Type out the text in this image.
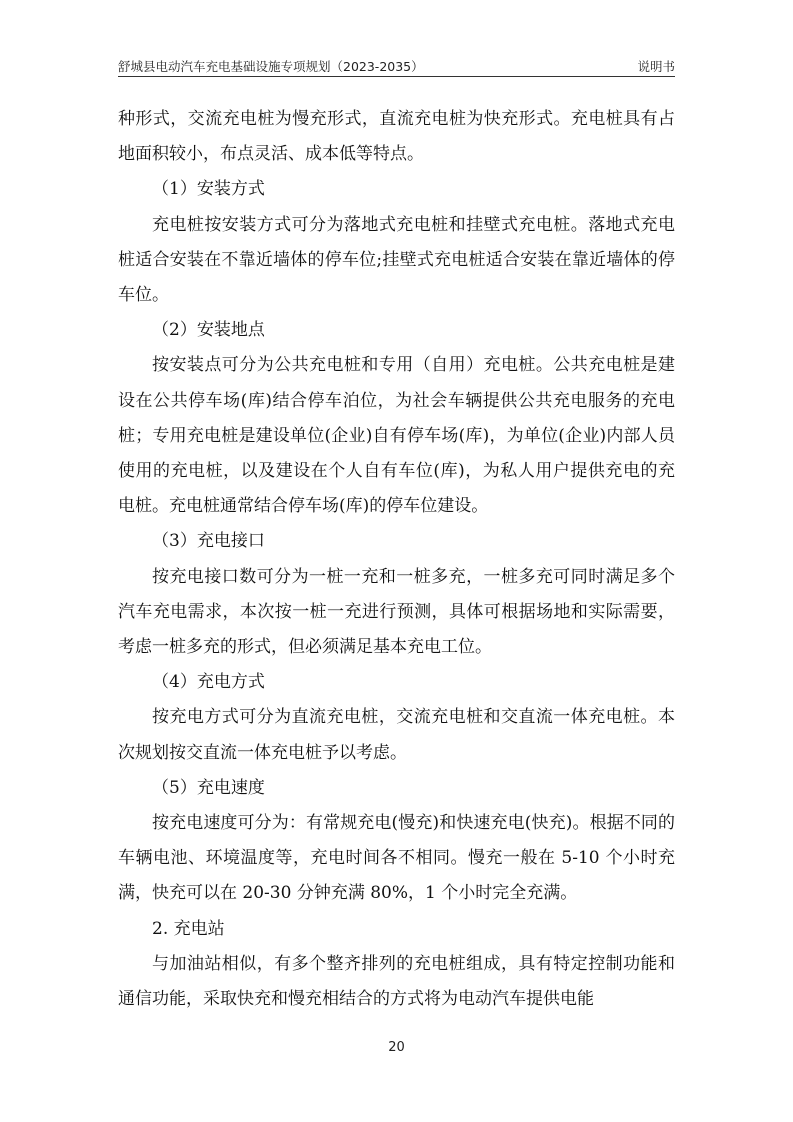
舒城县电动汽车充电基础设施专项规划（2023-2035）	说明书

种形式，交流充电桩为慢充形式，直流充电桩为快充形式。充电桩具有占地面积较小，布点灵活、成本低等特点。

（1）安装方式

充电桩按安装方式可分为落地式充电桩和挂壁式充电桩。落地式充电桩适合安装在不靠近墙体的停车位;挂壁式充电桩适合安装在靠近墙体的停车位。

（2）安装地点

按安装点可分为公共充电桩和专用（自用）充电桩。公共充电桩是建设在公共停车场(库)结合停车泊位，为社会车辆提供公共充电服务的充电桩；专用充电桩是建设单位(企业)自有停车场(库)，为单位(企业)内部人员使用的充电桩，以及建设在个人自有车位(库)，为私人用户提供充电的充电桩。充电桩通常结合停车场(库)的停车位建设。

（3）充电接口

按充电接口数可分为一桩一充和一桩多充，一桩多充可同时满足多个汽车充电需求，本次按一桩一充进行预测，具体可根据场地和实际需要，考虑一桩多充的形式，但必须满足基本充电工位。

（4）充电方式

按充电方式可分为直流充电桩，交流充电桩和交直流一体充电桩。本次规划按交直流一体充电桩予以考虑。

（5）充电速度

按充电速度可分为：有常规充电(慢充)和快速充电(快充)。根据不同的车辆电池、环境温度等，充电时间各不相同。慢充一般在 5-10 个小时充满，快充可以在 20-30 分钟充满 80%，1 个小时完全充满。

2. 充电站

与加油站相似，有多个整齐排列的充电桩组成，具有特定控制功能和通信功能，采取快充和慢充相结合的方式将为电动汽车提供电能

20
